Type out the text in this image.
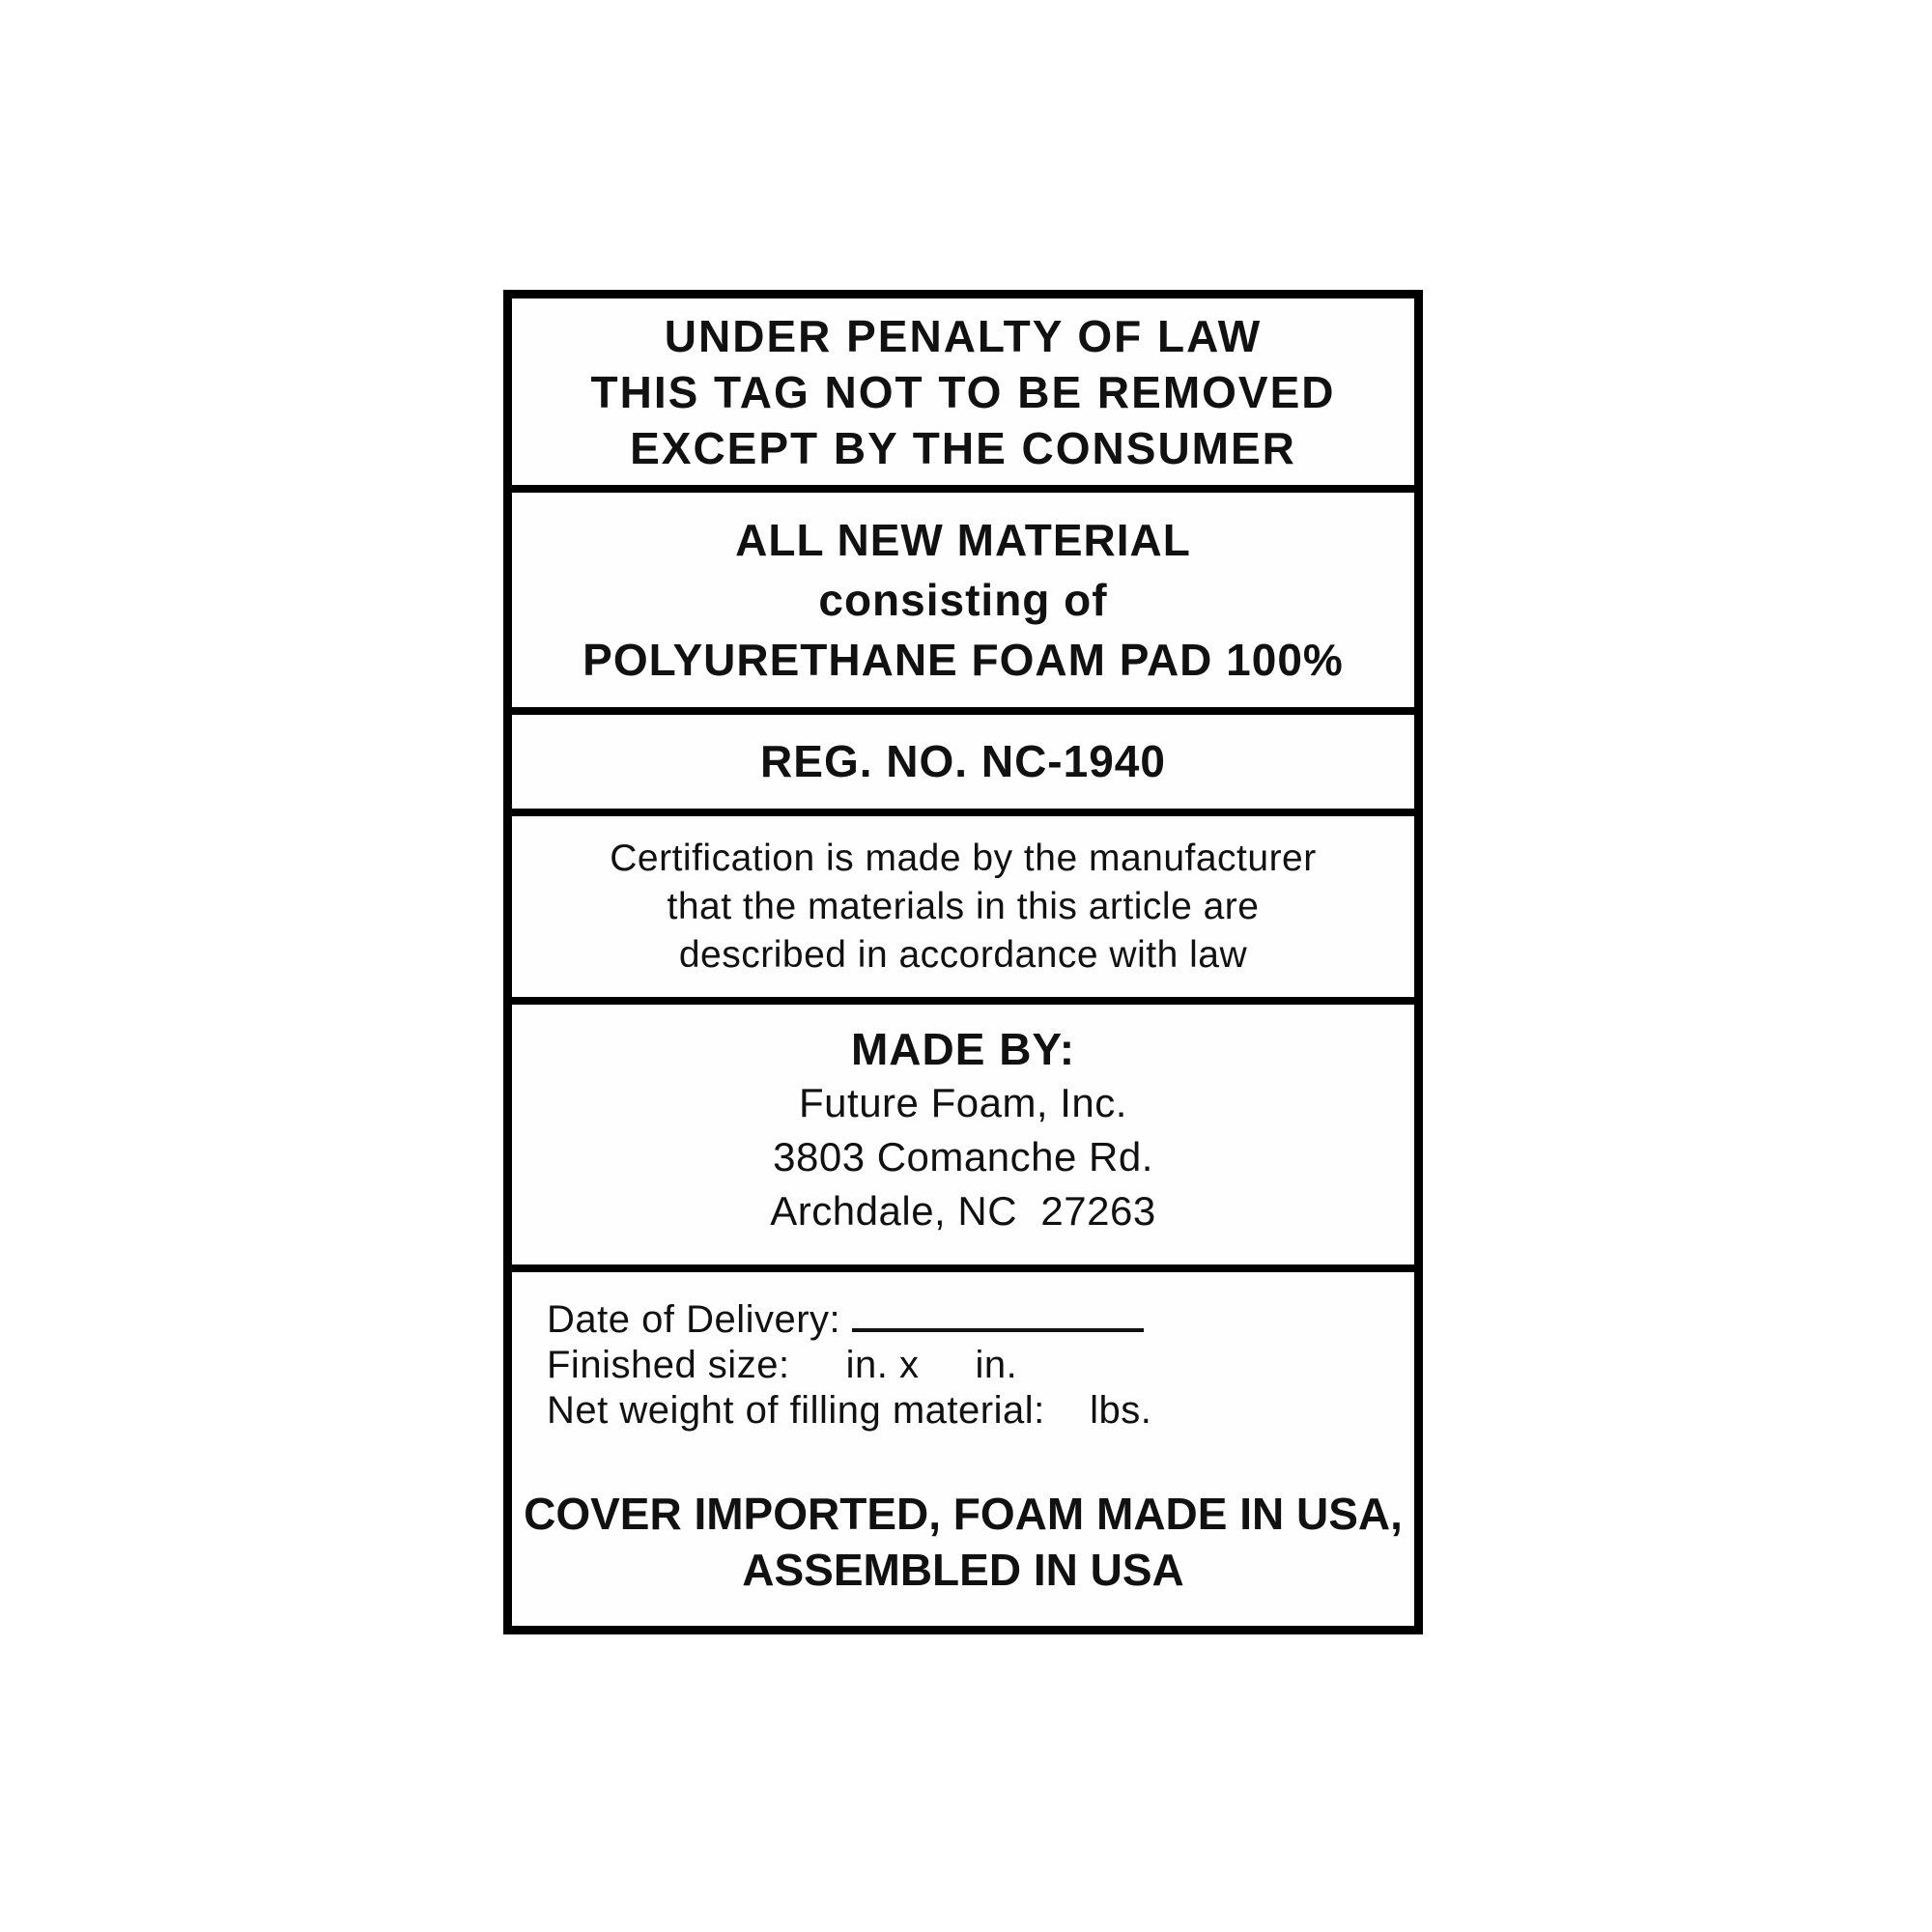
UNDER PENALTY OF LAW
THIS TAG NOT TO BE REMOVED
EXCEPT BY THE CONSUMER
ALL NEW MATERIAL
consisting of
POLYURETHANE FOAM PAD 100%
REG. NO. NC-1940
Certification is made by the manufacturer
that the materials in this article are
described in accordance with law
MADE BY:
Future Foam, Inc.
3803 Comanche Rd.
Archdale, NC  27263
Date of Delivery:
Finished size:     in. x     in.
Net weight of filling material:    lbs.
COVER IMPORTED, FOAM MADE IN USA,
ASSEMBLED IN USA
